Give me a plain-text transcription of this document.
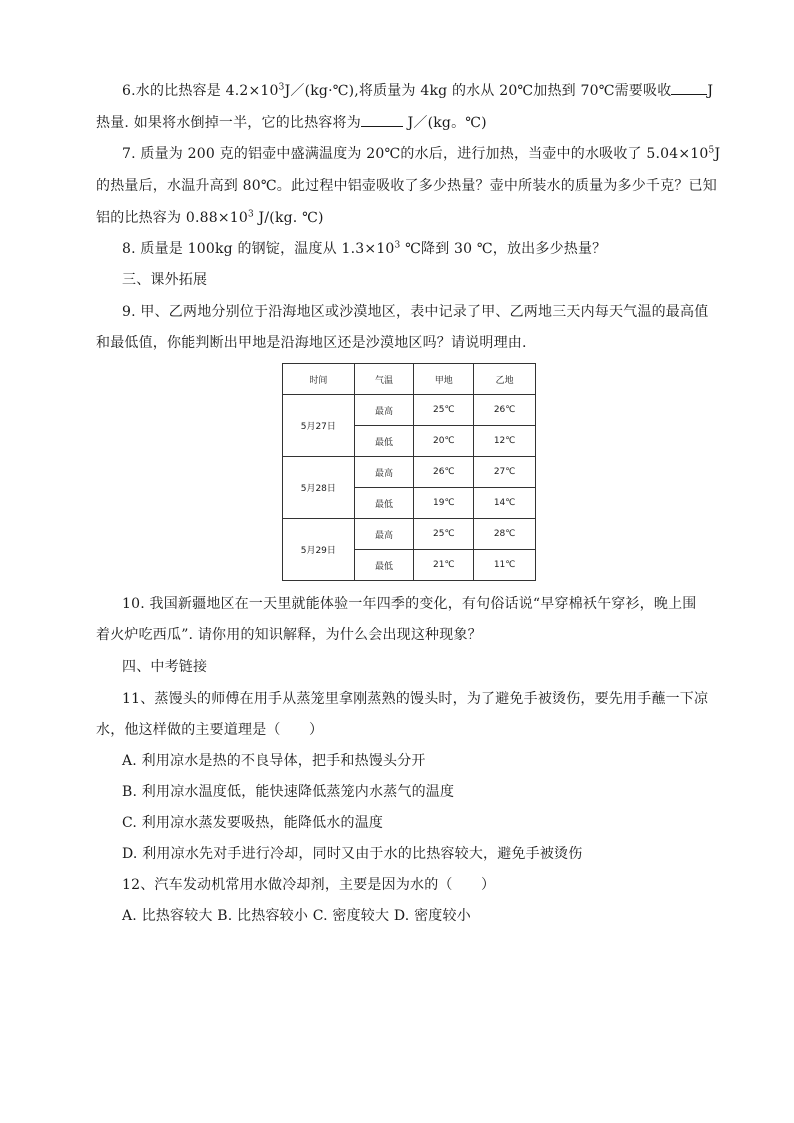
6.水的比热容是 $4.2\times 10^3J/(kg\cdot℃)$,将质量为 4kg 的水从 20℃加热到 70℃需要吸收	J
热量. 如果将水倒掉一半，它的比热容将为	J／(kg。℃)
7. 质量为 200 克的铝壶中盛满温度为 20℃的水后，进行加热，当壶中的水吸收了 $5.04\times 10^5J$
的热量后，水温升高到 80℃。此过程中铝壶吸收了多少热量？壶中所装水的质量为多少千克？已知
铝的比热容为 $0.88\times 10^3$ J/(kg. ℃)
8. 质量是 100kg 的钢锭，温度从 $1.3\times 10^3$ ℃降到 30 ℃，放出多少热量？
三、课外拓展
9. 甲、乙两地分别位于沿海地区或沙漠地区，表中记录了甲、乙两地三天内每天气温的最高值
和最低值，你能判断出甲地是沿海地区还是沙漠地区吗？请说明理由.
时间	气温	甲地	乙地
5月27日	最高	25℃	26℃
	最低	20℃	12℃
5月28日	最高	26℃	27℃
	最低	19℃	14℃
5月29日	最高	25℃	28℃
	最低	21℃	11℃
10. 我国新疆地区在一天里就能体验一年四季的变化，有句俗话说“早穿棉袄午穿衫，晚上围
着火炉吃西瓜”. 请你用的知识解释，为什么会出现这种现象？
四、中考链接
11、蒸馒头的师傅在用手从蒸笼里拿刚蒸熟的馒头时，为了避免手被烫伤，要先用手蘸一下凉
水，他这样做的主要道理是（　　）
A. 利用凉水是热的不良导体，把手和热馒头分开
B. 利用凉水温度低，能快速降低蒸笼内水蒸气的温度
C. 利用凉水蒸发要吸热，能降低水的温度
D. 利用凉水先对手进行冷却，同时又由于水的比热容较大，避免手被烫伤
12、汽车发动机常用水做冷却剂，主要是因为水的（　　）
A. 比热容较大 B. 比热容较小 C. 密度较大 D. 密度较小
